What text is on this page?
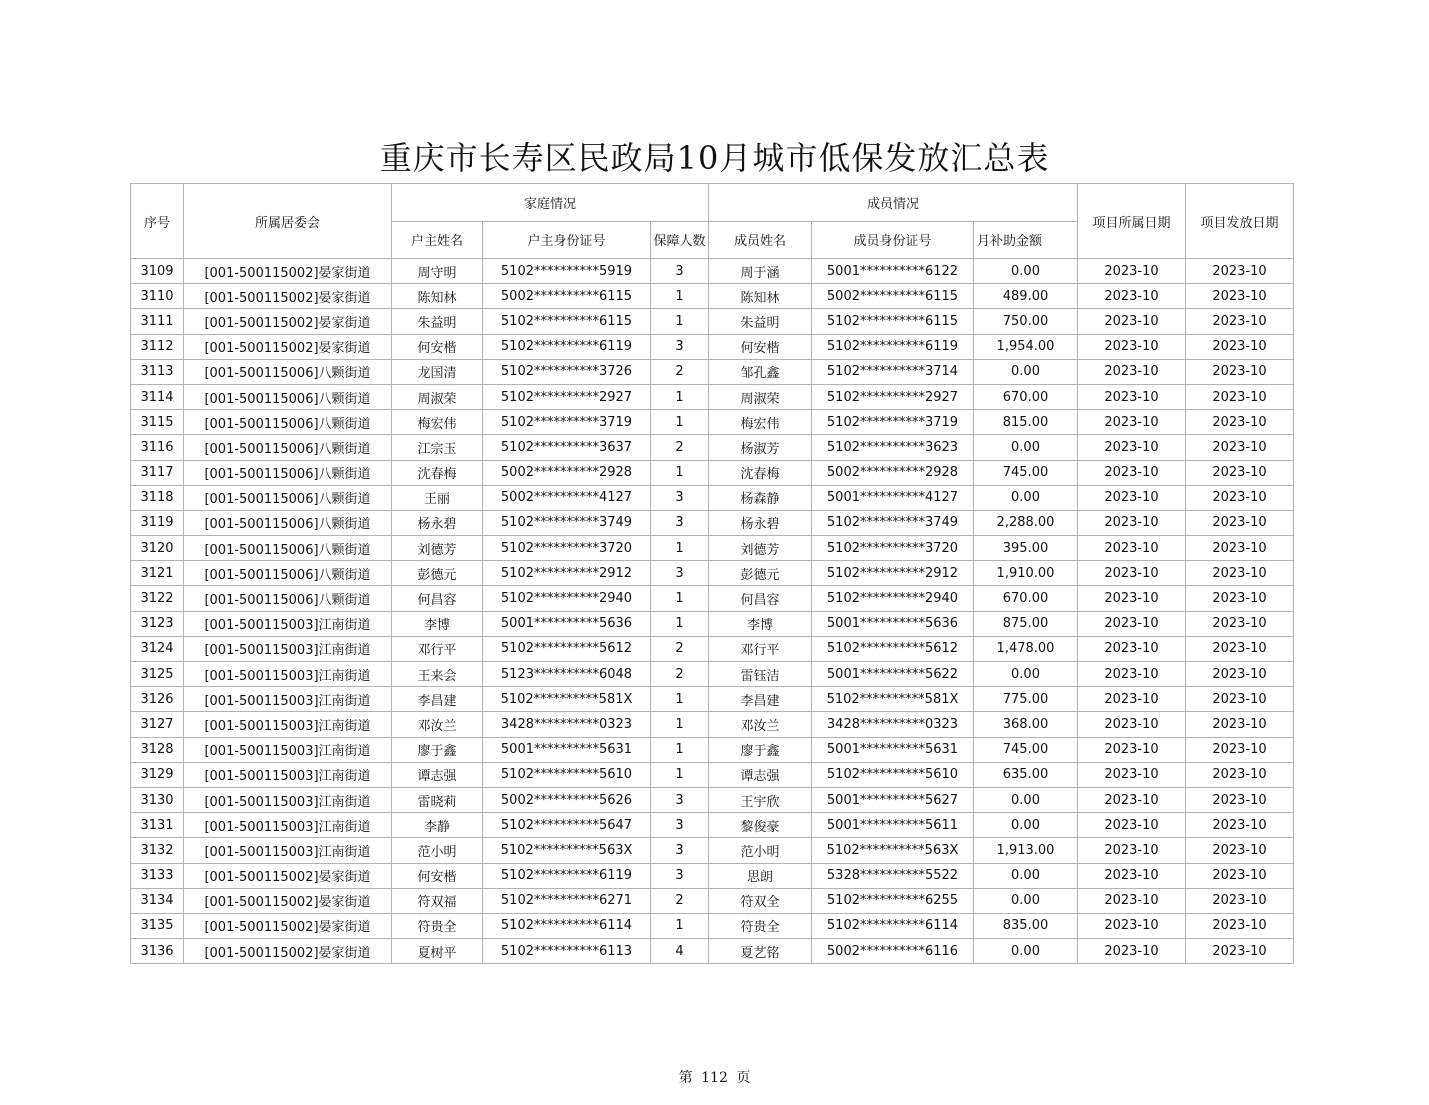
重庆市长寿区民政局10月城市低保发放汇总表
序号	所属居委会	家庭情况			成员情况			项目所属日期	项目发放日期
		户主姓名	户主身份证号	保障人数	成员姓名	成员身份证号	月补助金额		
3109	[001-500115002]晏家街道	周守明	5102**********5919	3	周于涵	5001**********6122	0.00	2023-10	2023-10
3110	[001-500115002]晏家街道	陈知林	5002**********6115	1	陈知林	5002**********6115	489.00	2023-10	2023-10
3111	[001-500115002]晏家街道	朱益明	5102**********6115	1	朱益明	5102**********6115	750.00	2023-10	2023-10
3112	[001-500115002]晏家街道	何安楷	5102**********6119	3	何安楷	5102**********6119	1,954.00	2023-10	2023-10
3113	[001-500115006]八颗街道	龙国清	5102**********3726	2	邹孔鑫	5102**********3714	0.00	2023-10	2023-10
3114	[001-500115006]八颗街道	周淑荣	5102**********2927	1	周淑荣	5102**********2927	670.00	2023-10	2023-10
3115	[001-500115006]八颗街道	梅宏伟	5102**********3719	1	梅宏伟	5102**********3719	815.00	2023-10	2023-10
3116	[001-500115006]八颗街道	江宗玉	5102**********3637	2	杨淑芳	5102**********3623	0.00	2023-10	2023-10
3117	[001-500115006]八颗街道	沈春梅	5002**********2928	1	沈春梅	5002**********2928	745.00	2023-10	2023-10
3118	[001-500115006]八颗街道	王丽	5002**********4127	3	杨森静	5001**********4127	0.00	2023-10	2023-10
3119	[001-500115006]八颗街道	杨永碧	5102**********3749	3	杨永碧	5102**********3749	2,288.00	2023-10	2023-10
3120	[001-500115006]八颗街道	刘德芳	5102**********3720	1	刘德芳	5102**********3720	395.00	2023-10	2023-10
3121	[001-500115006]八颗街道	彭德元	5102**********2912	3	彭德元	5102**********2912	1,910.00	2023-10	2023-10
3122	[001-500115006]八颗街道	何昌容	5102**********2940	1	何昌容	5102**********2940	670.00	2023-10	2023-10
3123	[001-500115003]江南街道	李博	5001**********5636	1	李博	5001**********5636	875.00	2023-10	2023-10
3124	[001-500115003]江南街道	邓行平	5102**********5612	2	邓行平	5102**********5612	1,478.00	2023-10	2023-10
3125	[001-500115003]江南街道	王来会	5123**********6048	2	雷钰洁	5001**********5622	0.00	2023-10	2023-10
3126	[001-500115003]江南街道	李昌建	5102**********581X	1	李昌建	5102**********581X	775.00	2023-10	2023-10
3127	[001-500115003]江南街道	邓汝兰	3428**********0323	1	邓汝兰	3428**********0323	368.00	2023-10	2023-10
3128	[001-500115003]江南街道	廖于鑫	5001**********5631	1	廖于鑫	5001**********5631	745.00	2023-10	2023-10
3129	[001-500115003]江南街道	谭志强	5102**********5610	1	谭志强	5102**********5610	635.00	2023-10	2023-10
3130	[001-500115003]江南街道	雷晓莉	5002**********5626	3	王宇欣	5001**********5627	0.00	2023-10	2023-10
3131	[001-500115003]江南街道	李静	5102**********5647	3	黎俊豪	5001**********5611	0.00	2023-10	2023-10
3132	[001-500115003]江南街道	范小明	5102**********563X	3	范小明	5102**********563X	1,913.00	2023-10	2023-10
3133	[001-500115002]晏家街道	何安楷	5102**********6119	3	思朗	5328**********5522	0.00	2023-10	2023-10
3134	[001-500115002]晏家街道	符双福	5102**********6271	2	符双全	5102**********6255	0.00	2023-10	2023-10
3135	[001-500115002]晏家街道	符贵全	5102**********6114	1	符贵全	5102**********6114	835.00	2023-10	2023-10
3136	[001-500115002]晏家街道	夏树平	5102**********6113	4	夏艺铭	5002**********6116	0.00	2023-10	2023-10
第 112 页
